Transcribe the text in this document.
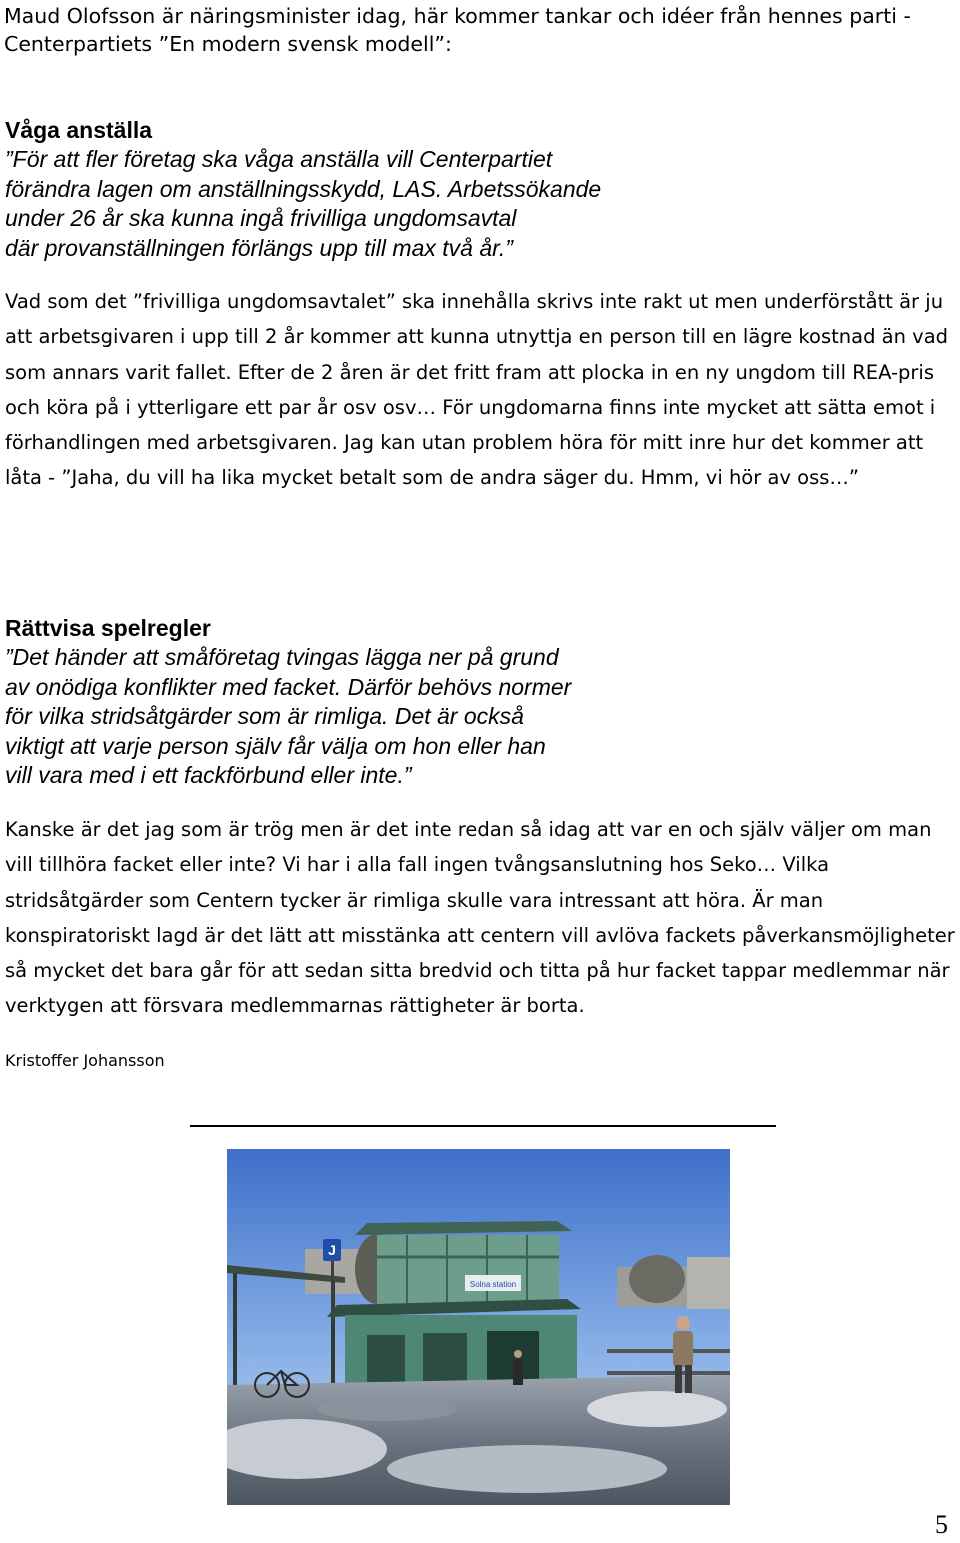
Maud Olofsson är näringsminister idag, här kommer tankar och idéer från hennes parti -
Centerpartiets ”En modern svensk modell”:

Våga anställa

”För att fler företag ska våga anställa vill Centerpartiet
förändra lagen om anställningsskydd, LAS. Arbetssökande
under 26 år ska kunna ingå frivilliga ungdomsavtal
där provanställningen förlängs upp till max två år.”

Vad som det ”frivilliga ungdomsavtalet” ska innehålla skrivs inte rakt ut men underförstått är ju att arbetsgivaren i upp till 2 år kommer att kunna utnyttja en person till en lägre kostnad än vad som annars varit fallet. Efter de 2 åren är det fritt fram att plocka in en ny ungdom till REA-pris och köra på i ytterligare ett par år osv osv… För ungdomarna finns inte mycket att sätta emot i förhandlingen med arbetsgivaren. Jag kan utan problem höra för mitt inre hur det kommer att låta - ”Jaha, du vill ha lika mycket betalt som de andra säger du. Hmm, vi hör av oss…”

Rättvisa spelregler

”Det händer att småföretag tvingas lägga ner på grund
av onödiga konflikter med facket. Därför behövs normer
för vilka stridsåtgärder som är rimliga. Det är också
viktigt att varje person själv får välja om hon eller han
vill vara med i ett fackförbund eller inte.”

Kanske är det jag som är trög men är det inte redan så idag att var en och själv väljer om man vill tillhöra facket eller inte? Vi har i alla fall ingen tvångsanslutning hos Seko… Vilka stridsåtgärder som Centern tycker är rimliga skulle vara intressant att höra. Är man konspiratoriskt lagd är det lätt att misstänka att centern vill avlöva fackets påverkansmöjligheter så mycket det bara går för att sedan sitta bredvid och titta på hur facket tappar medlemmar när verktygen att försvara medlemmarnas rättigheter är borta.

Kristoffer Johansson

J
Solna station

5
